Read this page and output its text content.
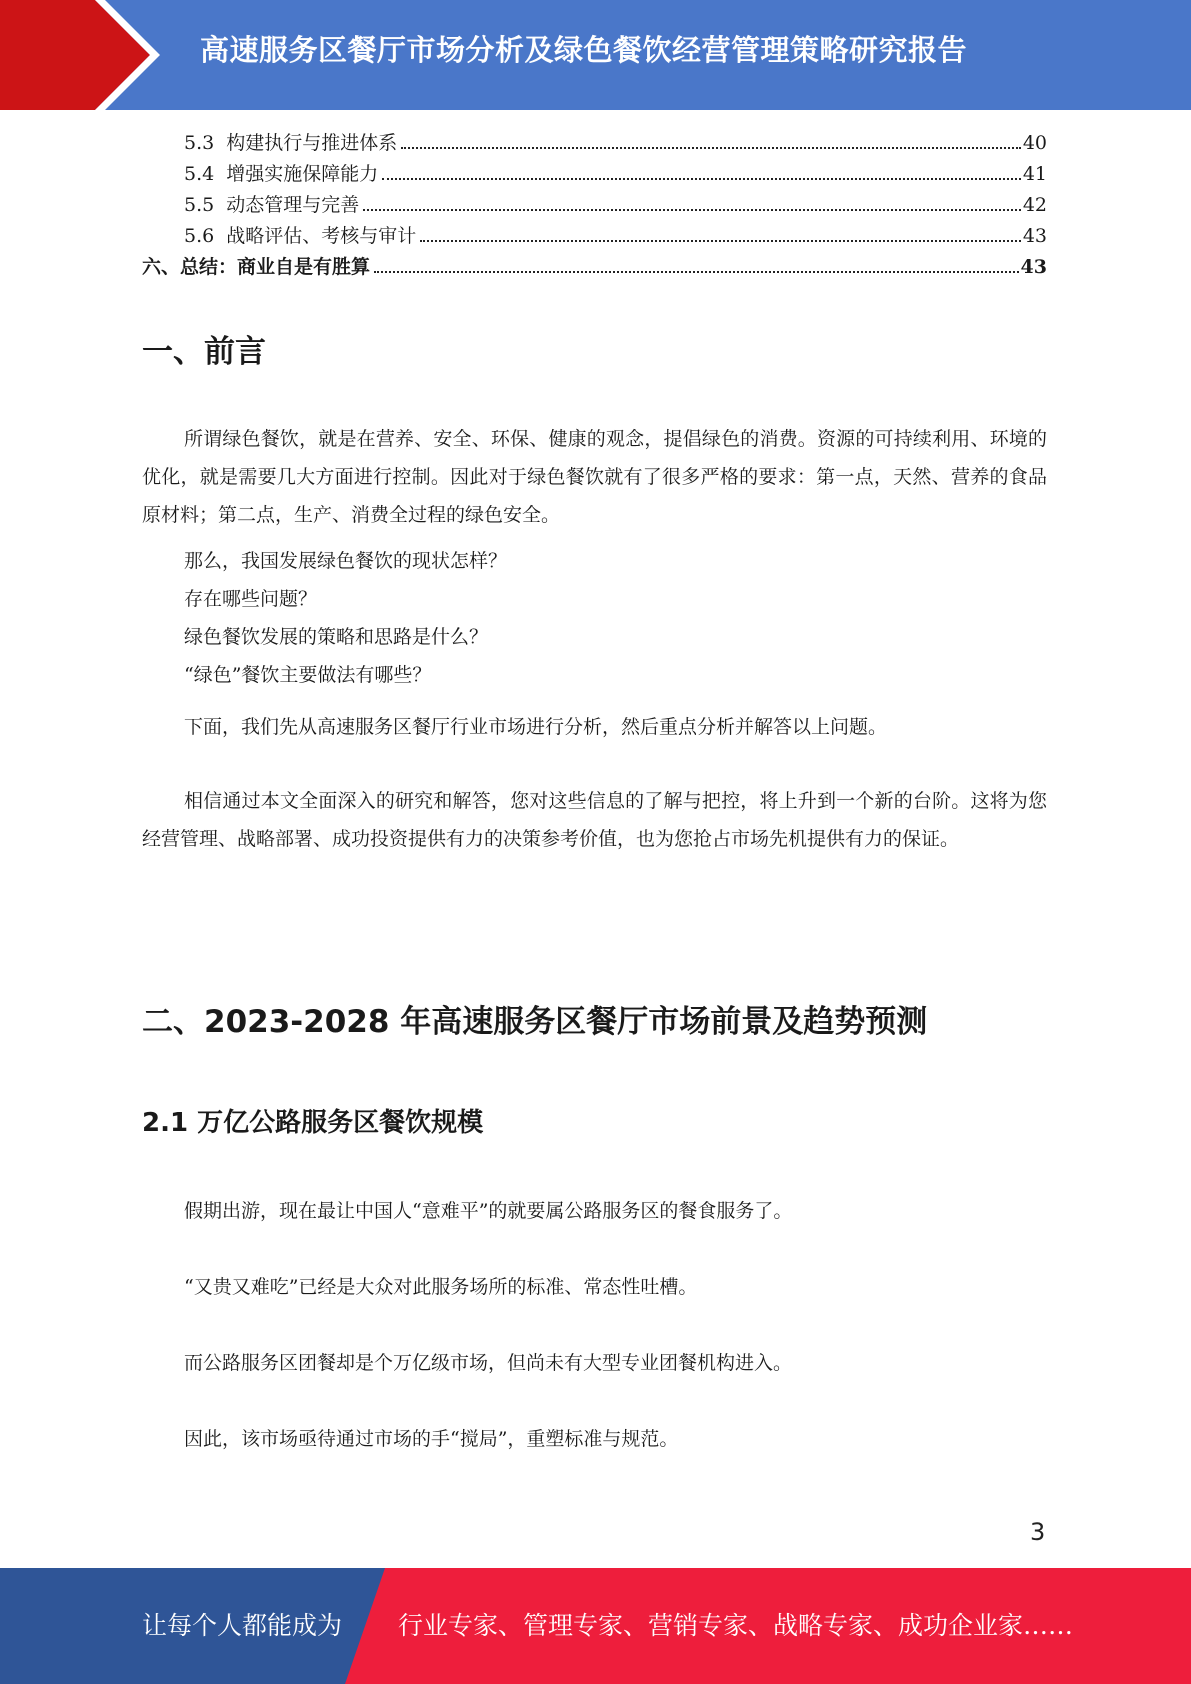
高速服务区餐厅市场分析及绿色餐饮经营管理策略研究报告
5.3 构建执行与推进体系	40
5.4 增强实施保障能力	41
5.5 动态管理与完善	42
5.6 战略评估、考核与审计	43
六、总结：商业自是有胜算	43
一、前言

所谓绿色餐饮，就是在营养、安全、环保、健康的观念，提倡绿色的消费。资源的可持续利用、环境的优化，就是需要几大方面进行控制。因此对于绿色餐饮就有了很多严格的要求：第一点，天然、营养的食品原材料；第二点，生产、消费全过程的绿色安全。

那么，我国发展绿色餐饮的现状怎样？

存在哪些问题？

绿色餐饮发展的策略和思路是什么？

“绿色”餐饮主要做法有哪些？

下面，我们先从高速服务区餐厅行业市场进行分析，然后重点分析并解答以上问题。

相信通过本文全面深入的研究和解答，您对这些信息的了解与把控，将上升到一个新的台阶。这将为您经营管理、战略部署、成功投资提供有力的决策参考价值，也为您抢占市场先机提供有力的保证。

二、2023-2028 年高速服务区餐厅市场前景及趋势预测
2.1 万亿公路服务区餐饮规模

假期出游，现在最让中国人“意难平”的就要属公路服务区的餐食服务了。

“又贵又难吃”已经是大众对此服务场所的标准、常态性吐槽。

而公路服务区团餐却是个万亿级市场，但尚未有大型专业团餐机构进入。

因此，该市场亟待通过市场的手“搅局”，重塑标准与规范。

3
让每个人都能成为 行业专家、管理专家、营销专家、战略专家、成功企业家……
